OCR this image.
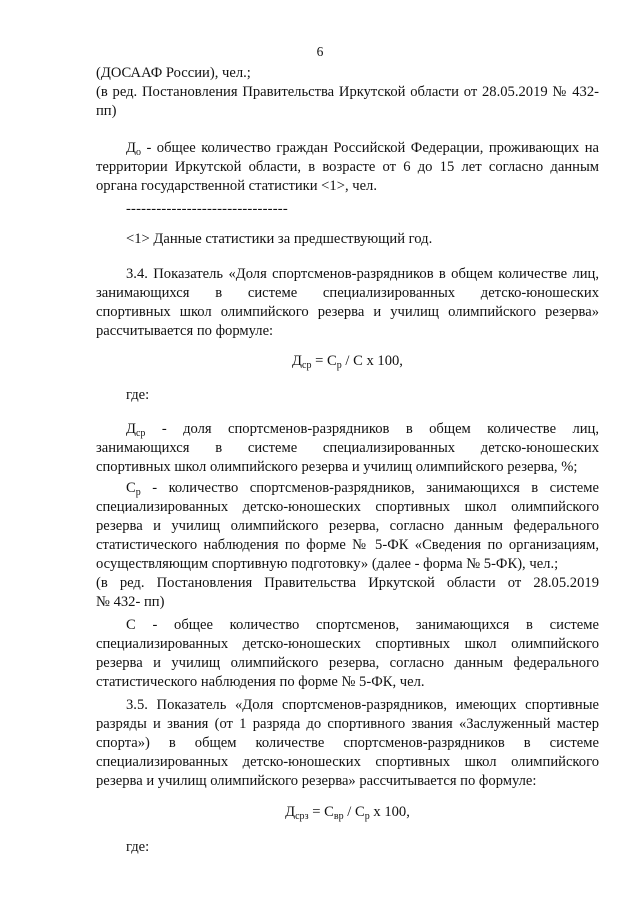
6

(ДОСААФ России), чел.;
(в ред. Постановления Правительства Иркутской области от 28.05.2019 № 432-
пп)

$Д_о$ - общее количество граждан Российской Федерации, проживающих на
территории Иркутской области, в возрасте от 6 до 15 лет согласно данным
органа государственной статистики <1>, чел.

--------------------------------

<1> Данные статистики за предшествующий год.

3.4. Показатель «Доля спортсменов-разрядников в общем количестве лиц,
занимающихся в системе специализированных детско-юношеских
спортивных школ олимпийского резерва и училищ олимпийского резерва»
рассчитывается по формуле:

$Д_{ср} = С_р / С$ х 100,

где:

$Д_{ср}$ - доля спортсменов-разрядников в общем количестве лиц,
занимающихся в системе специализированных детско-юношеских
спортивных школ олимпийского резерва и училищ олимпийского резерва, %;

$С_р$ - количество спортсменов-разрядников, занимающихся в системе
специализированных детско-юношеских спортивных школ олимпийского
резерва и училищ олимпийского резерва, согласно данным федерального
статистического наблюдения по форме № 5-ФК «Сведения по организациям,
осуществляющим спортивную подготовку» (далее - форма № 5-ФК), чел.;
(в ред. Постановления Правительства Иркутской области от 28.05.2019
№ 432- пп)

С - общее количество спортсменов, занимающихся в системе
специализированных детско-юношеских спортивных школ олимпийского
резерва и училищ олимпийского резерва, согласно данным федерального
статистического наблюдения по форме № 5-ФК, чел.

3.5. Показатель «Доля спортсменов-разрядников, имеющих спортивные
разряды и звания (от 1 разряда до спортивного звания «Заслуженный мастер
спорта») в общем количестве спортсменов-разрядников в системе
специализированных детско-юношеских спортивных школ олимпийского
резерва и училищ олимпийского резерва» рассчитывается по формуле:

$Д_{срз} = С_{вр} / С_р$ х 100,

где:
